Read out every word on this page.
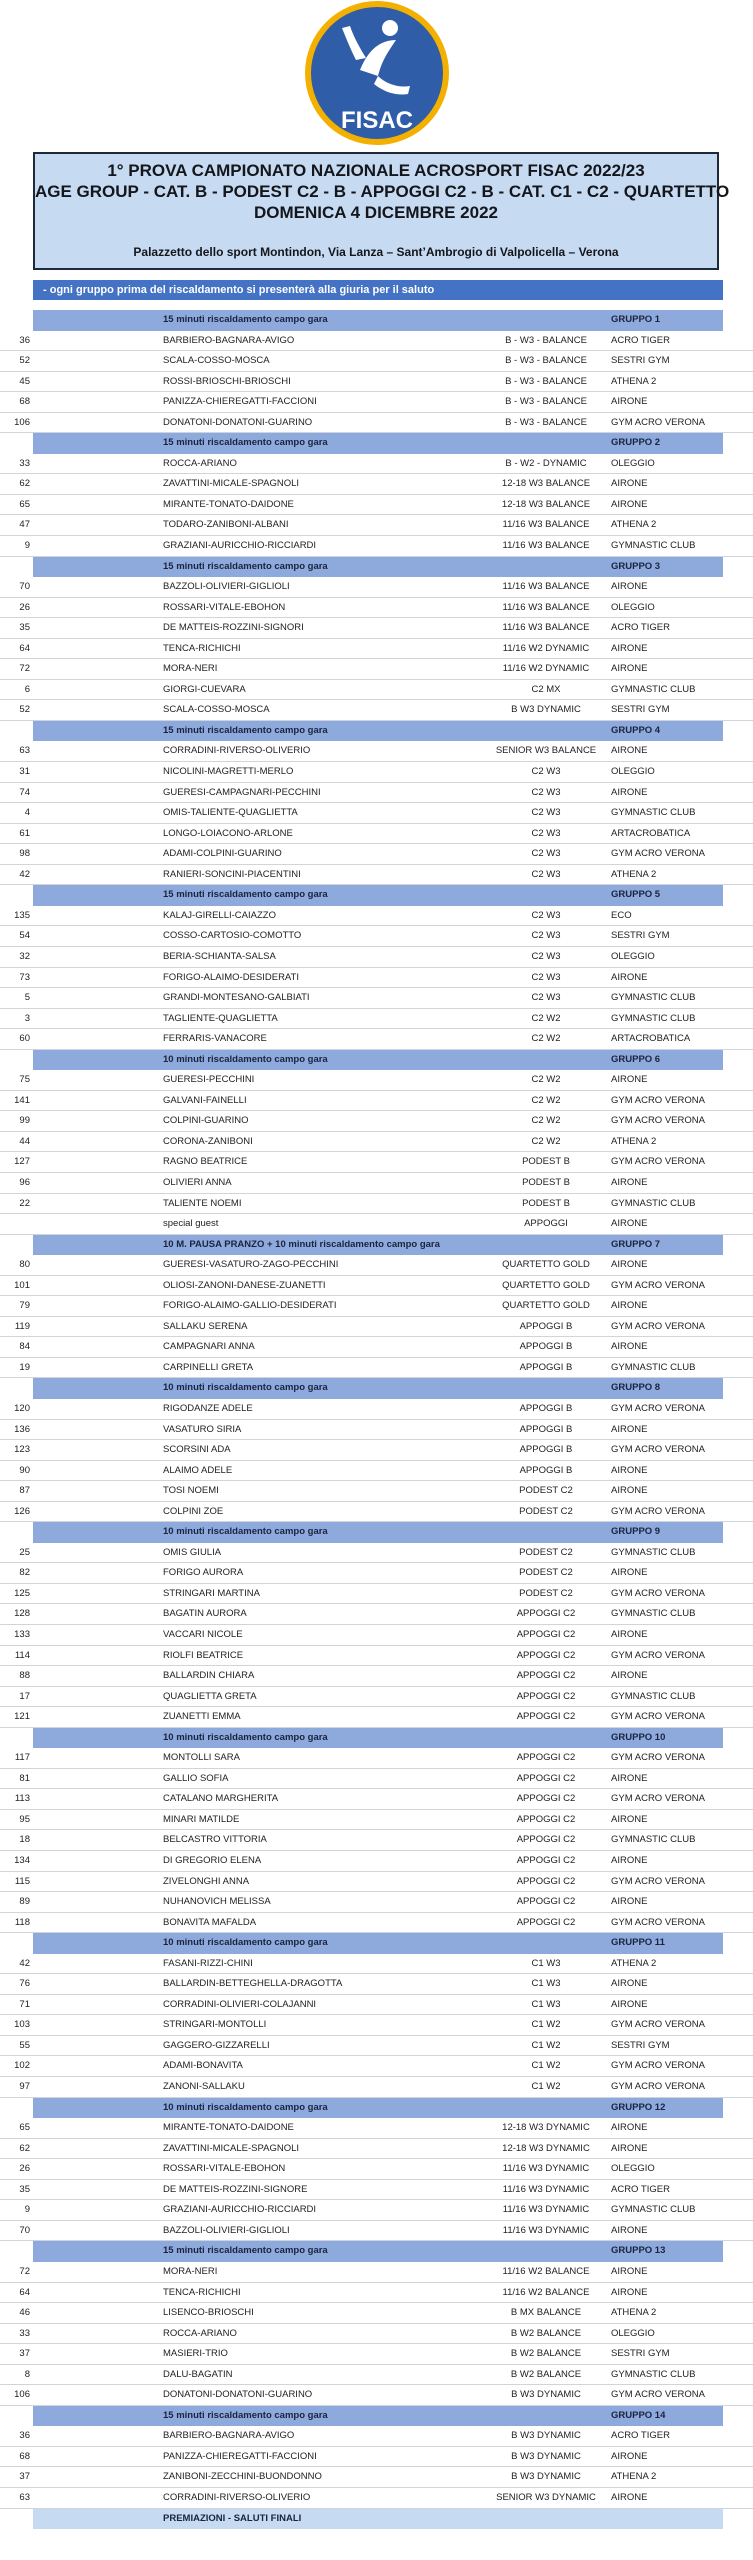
FISAC
1° PROVA CAMPIONATO NAZIONALE ACROSPORT FISAC 2022/23
AGE GROUP - CAT. B - PODEST C2 - B - APPOGGI C2 - B - CAT. C1 - C2 - QUARTETTO
DOMENICA 4 DICEMBRE 2022
Palazzetto dello sport Montindon, Via Lanza – Sant’Ambrogio di Valpolicella – Verona
- ogni gruppo prima del riscaldamento si presenterà alla giuria per il saluto
15 minuti riscaldamento campo gara	GRUPPO 1
36	BARBIERO-BAGNARA-AVIGO	B - W3 - BALANCE	ACRO TIGER
52	SCALA-COSSO-MOSCA	B - W3 - BALANCE	SESTRI GYM
45	ROSSI-BRIOSCHI-BRIOSCHI	B - W3 - BALANCE	ATHENA 2
68	PANIZZA-CHIEREGATTI-FACCIONI	B - W3 - BALANCE	AIRONE
106	DONATONI-DONATONI-GUARINO	B - W3 - BALANCE	GYM ACRO VERONA
15 minuti riscaldamento campo gara	GRUPPO 2
33	ROCCA-ARIANO	B - W2 - DYNAMIC	OLEGGIO
62	ZAVATTINI-MICALE-SPAGNOLI	12-18 W3 BALANCE	AIRONE
65	MIRANTE-TONATO-DAIDONE	12-18 W3 BALANCE	AIRONE
47	TODARO-ZANIBONI-ALBANI	11/16 W3 BALANCE	ATHENA 2
9	GRAZIANI-AURICCHIO-RICCIARDI	11/16 W3 BALANCE	GYMNASTIC CLUB
15 minuti riscaldamento campo gara	GRUPPO 3
70	BAZZOLI-OLIVIERI-GIGLIOLI	11/16 W3 BALANCE	AIRONE
26	ROSSARI-VITALE-EBOHON	11/16 W3 BALANCE	OLEGGIO
35	DE MATTEIS-ROZZINI-SIGNORI	11/16 W3 BALANCE	ACRO TIGER
64	TENCA-RICHICHI	11/16 W2 DYNAMIC	AIRONE
72	MORA-NERI	11/16 W2 DYNAMIC	AIRONE
6	GIORGI-CUEVARA	C2 MX	GYMNASTIC CLUB
52	SCALA-COSSO-MOSCA	B W3 DYNAMIC	SESTRI GYM
15 minuti riscaldamento campo gara	GRUPPO 4
63	CORRADINI-RIVERSO-OLIVERIO	SENIOR W3 BALANCE	AIRONE
31	NICOLINI-MAGRETTI-MERLO	C2 W3	OLEGGIO
74	GUERESI-CAMPAGNARI-PECCHINI	C2 W3	AIRONE
4	OMIS-TALIENTE-QUAGLIETTA	C2 W3	GYMNASTIC CLUB
61	LONGO-LOIACONO-ARLONE	C2 W3	ARTACROBATICA
98	ADAMI-COLPINI-GUARINO	C2 W3	GYM ACRO VERONA
42	RANIERI-SONCINI-PIACENTINI	C2 W3	ATHENA 2
15 minuti riscaldamento campo gara	GRUPPO 5
135	KALAJ-GIRELLI-CAIAZZO	C2 W3	ECO
54	COSSO-CARTOSIO-COMOTTO	C2 W3	SESTRI GYM
32	BERIA-SCHIANTA-SALSA	C2 W3	OLEGGIO
73	FORIGO-ALAIMO-DESIDERATI	C2 W3	AIRONE
5	GRANDI-MONTESANO-GALBIATI	C2 W3	GYMNASTIC CLUB
3	TAGLIENTE-QUAGLIETTA	C2 W2	GYMNASTIC CLUB
60	FERRARIS-VANACORE	C2 W2	ARTACROBATICA
10 minuti riscaldamento campo gara	GRUPPO 6
75	GUERESI-PECCHINI	C2 W2	AIRONE
141	GALVANI-FAINELLI	C2 W2	GYM ACRO VERONA
99	COLPINI-GUARINO	C2 W2	GYM ACRO VERONA
44	CORONA-ZANIBONI	C2 W2	ATHENA 2
127	RAGNO BEATRICE	PODEST B	GYM ACRO VERONA
96	OLIVIERI ANNA	PODEST B	AIRONE
22	TALIENTE NOEMI	PODEST B	GYMNASTIC CLUB
special guest	APPOGGI	AIRONE
10 M. PAUSA PRANZO + 10 minuti riscaldamento campo gara	GRUPPO 7
80	GUERESI-VASATURO-ZAGO-PECCHINI	QUARTETTO GOLD	AIRONE
101	OLIOSI-ZANONI-DANESE-ZUANETTI	QUARTETTO GOLD	GYM ACRO VERONA
79	FORIGO-ALAIMO-GALLIO-DESIDERATI	QUARTETTO GOLD	AIRONE
119	SALLAKU SERENA	APPOGGI B	GYM ACRO VERONA
84	CAMPAGNARI ANNA	APPOGGI B	AIRONE
19	CARPINELLI GRETA	APPOGGI B	GYMNASTIC CLUB
10 minuti riscaldamento campo gara	GRUPPO 8
120	RIGODANZE ADELE	APPOGGI B	GYM ACRO VERONA
136	VASATURO SIRIA	APPOGGI B	AIRONE
123	SCORSINI ADA	APPOGGI B	GYM ACRO VERONA
90	ALAIMO ADELE	APPOGGI B	AIRONE
87	TOSI NOEMI	PODEST C2	AIRONE
126	COLPINI ZOE	PODEST C2	GYM ACRO VERONA
10 minuti riscaldamento campo gara	GRUPPO 9
25	OMIS GIULIA	PODEST C2	GYMNASTIC CLUB
82	FORIGO AURORA	PODEST C2	AIRONE
125	STRINGARI MARTINA	PODEST C2	GYM ACRO VERONA
128	BAGATIN AURORA	APPOGGI C2	GYMNASTIC CLUB
133	VACCARI NICOLE	APPOGGI C2	AIRONE
114	RIOLFI BEATRICE	APPOGGI C2	GYM ACRO VERONA
88	BALLARDIN CHIARA	APPOGGI C2	AIRONE
17	QUAGLIETTA GRETA	APPOGGI C2	GYMNASTIC CLUB
121	ZUANETTI EMMA	APPOGGI C2	GYM ACRO VERONA
10 minuti riscaldamento campo gara	GRUPPO 10
117	MONTOLLI SARA	APPOGGI C2	GYM ACRO VERONA
81	GALLIO SOFIA	APPOGGI C2	AIRONE
113	CATALANO MARGHERITA	APPOGGI C2	GYM ACRO VERONA
95	MINARI MATILDE	APPOGGI C2	AIRONE
18	BELCASTRO VITTORIA	APPOGGI C2	GYMNASTIC CLUB
134	DI GREGORIO ELENA	APPOGGI C2	AIRONE
115	ZIVELONGHI ANNA	APPOGGI C2	GYM ACRO VERONA
89	NUHANOVICH MELISSA	APPOGGI C2	AIRONE
118	BONAVITA MAFALDA	APPOGGI C2	GYM ACRO VERONA
10 minuti riscaldamento campo gara	GRUPPO 11
42	FASANI-RIZZI-CHINI	C1 W3	ATHENA 2
76	BALLARDIN-BETTEGHELLA-DRAGOTTA	C1 W3	AIRONE
71	CORRADINI-OLIVIERI-COLAJANNI	C1 W3	AIRONE
103	STRINGARI-MONTOLLI	C1 W2	GYM ACRO VERONA
55	GAGGERO-GIZZARELLI	C1 W2	SESTRI GYM
102	ADAMI-BONAVITA	C1 W2	GYM ACRO VERONA
97	ZANONI-SALLAKU	C1 W2	GYM ACRO VERONA
10 minuti riscaldamento campo gara	GRUPPO 12
65	MIRANTE-TONATO-DAIDONE	12-18 W3 DYNAMIC	AIRONE
62	ZAVATTINI-MICALE-SPAGNOLI	12-18 W3 DYNAMIC	AIRONE
26	ROSSARI-VITALE-EBOHON	11/16 W3 DYNAMIC	OLEGGIO
35	DE MATTEIS-ROZZINI-SIGNORE	11/16 W3 DYNAMIC	ACRO TIGER
9	GRAZIANI-AURICCHIO-RICCIARDI	11/16 W3 DYNAMIC	GYMNASTIC CLUB
70	BAZZOLI-OLIVIERI-GIGLIOLI	11/16 W3 DYNAMIC	AIRONE
15 minuti riscaldamento campo gara	GRUPPO 13
72	MORA-NERI	11/16 W2 BALANCE	AIRONE
64	TENCA-RICHICHI	11/16 W2 BALANCE	AIRONE
46	LISENCO-BRIOSCHI	B MX BALANCE	ATHENA 2
33	ROCCA-ARIANO	B W2 BALANCE	OLEGGIO
37	MASIERI-TRIO	B W2 BALANCE	SESTRI GYM
8	DALU-BAGATIN	B W2 BALANCE	GYMNASTIC CLUB
106	DONATONI-DONATONI-GUARINO	B W3 DYNAMIC	GYM ACRO VERONA
15 minuti riscaldamento campo gara	GRUPPO 14
36	BARBIERO-BAGNARA-AVIGO	B W3 DYNAMIC	ACRO TIGER
68	PANIZZA-CHIEREGATTI-FACCIONI	B W3 DYNAMIC	AIRONE
37	ZANIBONI-ZECCHINI-BUONDONNO	B W3 DYNAMIC	ATHENA 2
63	CORRADINI-RIVERSO-OLIVERIO	SENIOR W3 DYNAMIC	AIRONE
PREMIAZIONI - SALUTI FINALI
